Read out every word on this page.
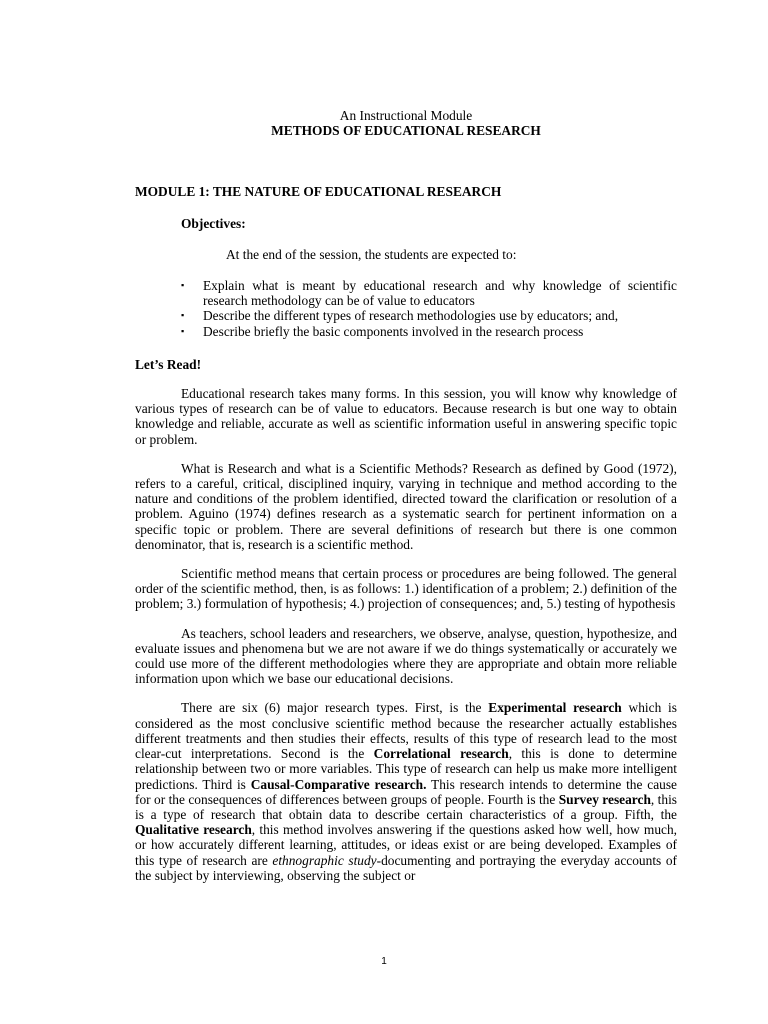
An Instructional Module
METHODS OF EDUCATIONAL RESEARCH
MODULE 1: THE NATURE OF EDUCATIONAL RESEARCH
Objectives:
At the end of the session, the students are expected to:
▪ Explain what is meant by educational research and why knowledge of scientific research methodology can be of value to educators
▪ Describe the different types of research methodologies use by educators; and,
▪ Describe briefly the basic components involved in the research process
Let’s Read!

Educational research takes many forms. In this session, you will know why knowledge of various types of research can be of value to educators. Because research is but one way to obtain knowledge and reliable, accurate as well as scientific information useful in answering specific topic or problem.

What is Research and what is a Scientific Methods? Research as defined by Good (1972), refers to a careful, critical, disciplined inquiry, varying in technique and method according to the nature and conditions of the problem identified, directed toward the clarification or resolution of a problem. Aguino (1974) defines research as a systematic search for pertinent information on a specific topic or problem. There are several definitions of research but there is one common denominator, that is, research is a scientific method.

Scientific method means that certain process or procedures are being followed. The general order of the scientific method, then, is as follows: 1.) identification of a problem; 2.) definition of the problem; 3.) formulation of hypothesis; 4.) projection of consequences; and, 5.) testing of hypothesis

As teachers, school leaders and researchers, we observe, analyse, question, hypothesize, and evaluate issues and phenomena but we are not aware if we do things systematically or accurately we could use more of the different methodologies where they are appropriate and obtain more reliable information upon which we base our educational decisions.

There are six (6) major research types. First, is the Experimental research which is considered as the most conclusive scientific method because the researcher actually establishes different treatments and then studies their effects, results of this type of research lead to the most clear-cut interpretations. Second is the Correlational research, this is done to determine relationship between two or more variables. This type of research can help us make more intelligent predictions. Third is Causal-Comparative research. This research intends to determine the cause for or the consequences of differences between groups of people. Fourth is the Survey research, this is a type of research that obtain data to describe certain characteristics of a group. Fifth, the Qualitative research, this method involves answering if the questions asked how well, how much, or how accurately different learning, attitudes, or ideas exist or are being developed. Examples of this type of research are ethnographic study-documenting and portraying the everyday accounts of the subject by interviewing, observing the subject or

1
